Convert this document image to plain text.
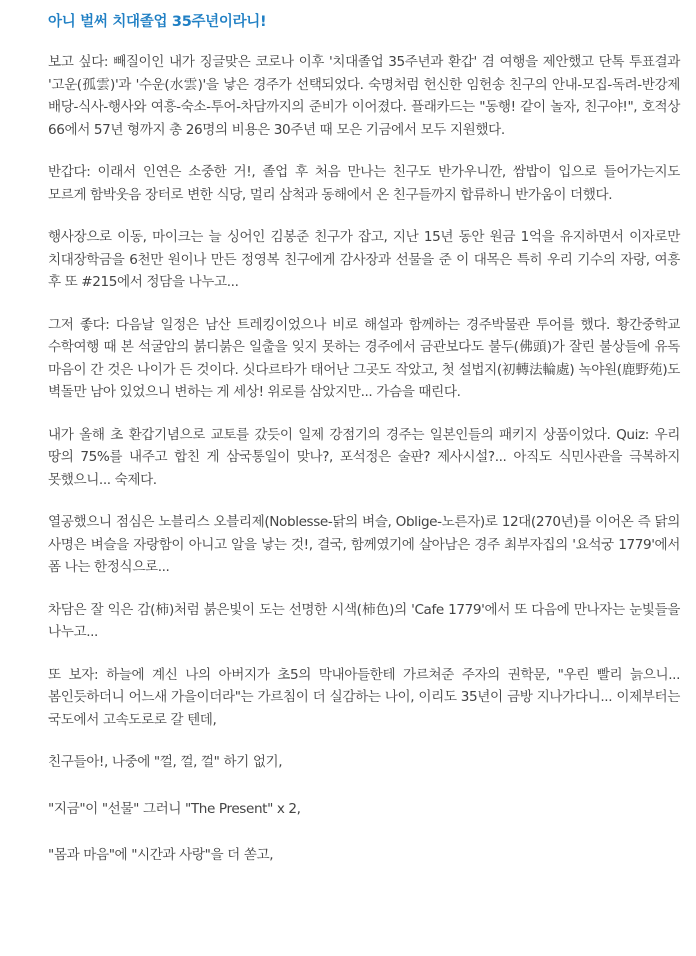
아니 벌써 치대졸업 35주년이라니!

보고 싶다: 빼질이인 내가 징글맞은 코로나 이후 '치대졸업 35주년과 환갑' 겸 여행을 제안했고 단톡 투표결과 '고운(孤雲)'과 '수운(水雲)'을 낳은 경주가 선택되었다. 숙명처럼 헌신한 임헌송 친구의 안내-모집-독려-반강제 배당-식사-행사와 여흥-숙소-투어-차담까지의 준비가 이어졌다. 플래카드는 "동행! 같이 놀자, 친구야!", 호적상 66에서 57년 형까지 총 26명의 비용은 30주년 때 모은 기금에서 모두 지원했다.

반갑다: 이래서 인연은 소중한 거!, 졸업 후 처음 만나는 친구도 반가우니깐, 쌈밥이 입으로 들어가는지도 모르게 함박웃음 장터로 변한 식당, 멀리 삼척과 동해에서 온 친구들까지 합류하니 반가움이 더했다.

행사장으로 이동, 마이크는 늘 싱어인 김봉준 친구가 잡고, 지난 15년 동안 원금 1억을 유지하면서 이자로만 치대장학금을 6천만 원이나 만든 정영복 친구에게 감사장과 선물을 준 이 대목은 특히 우리 기수의 자랑, 여흥 후 또 #215에서 정담을 나누고...

그저 좋다: 다음날 일정은 남산 트레킹이었으나 비로 해설과 함께하는 경주박물관 투어를 했다. 황간중학교 수학여행 때 본 석굴암의 붉디붉은 일출을 잊지 못하는 경주에서 금관보다도 불두(佛頭)가 잘린 불상들에 유독 마음이 간 것은 나이가 든 것이다. 싯다르타가 태어난 그곳도 작았고, 첫 설법지(初轉法輪處) 녹야원(鹿野苑)도 벽돌만 남아 있었으니 변하는 게 세상! 위로를 삼았지만... 가슴을 때린다.

내가 올해 초 환갑기념으로 교토를 갔듯이 일제 강점기의 경주는 일본인들의 패키지 상품이었다. Quiz: 우리 땅의 75%를 내주고 합친 게 삼국통일이 맞나?, 포석정은 술판? 제사시설?... 아직도 식민사관을 극복하지 못했으니... 숙제다.

열공했으니 점심은 노블리스 오블리제(Noblesse-닭의 벼슬, Oblige-노른자)로 12대(270년)를 이어온 즉 닭의 사명은 벼슬을 자랑함이 아니고 알을 낳는 것!, 결국, 함께였기에 살아남은 경주 최부자집의 '요석궁 1779'에서 폼 나는 한정식으로...

차담은 잘 익은 감(柿)처럼 붉은빛이 도는 선명한 시색(柿色)의 'Cafe 1779'에서 또 다음에 만나자는 눈빛들을 나누고...

또 보자: 하늘에 계신 나의 아버지가 초5의 막내아들한테 가르쳐준 주자의 권학문, "우린 빨리 늙으니... 봄인듯하더니 어느새 가을이더라"는 가르침이 더 실감하는 나이, 이리도 35년이 금방 지나가다니... 이제부터는 국도에서 고속도로로 갈 텐데,

친구들아!, 나중에 "껄, 껄, 껄" 하기 없기,

"지금"이 "선물" 그러니 "The Present" x 2,

"몸과 마음"에 "시간과 사랑"을 더 쏟고,
